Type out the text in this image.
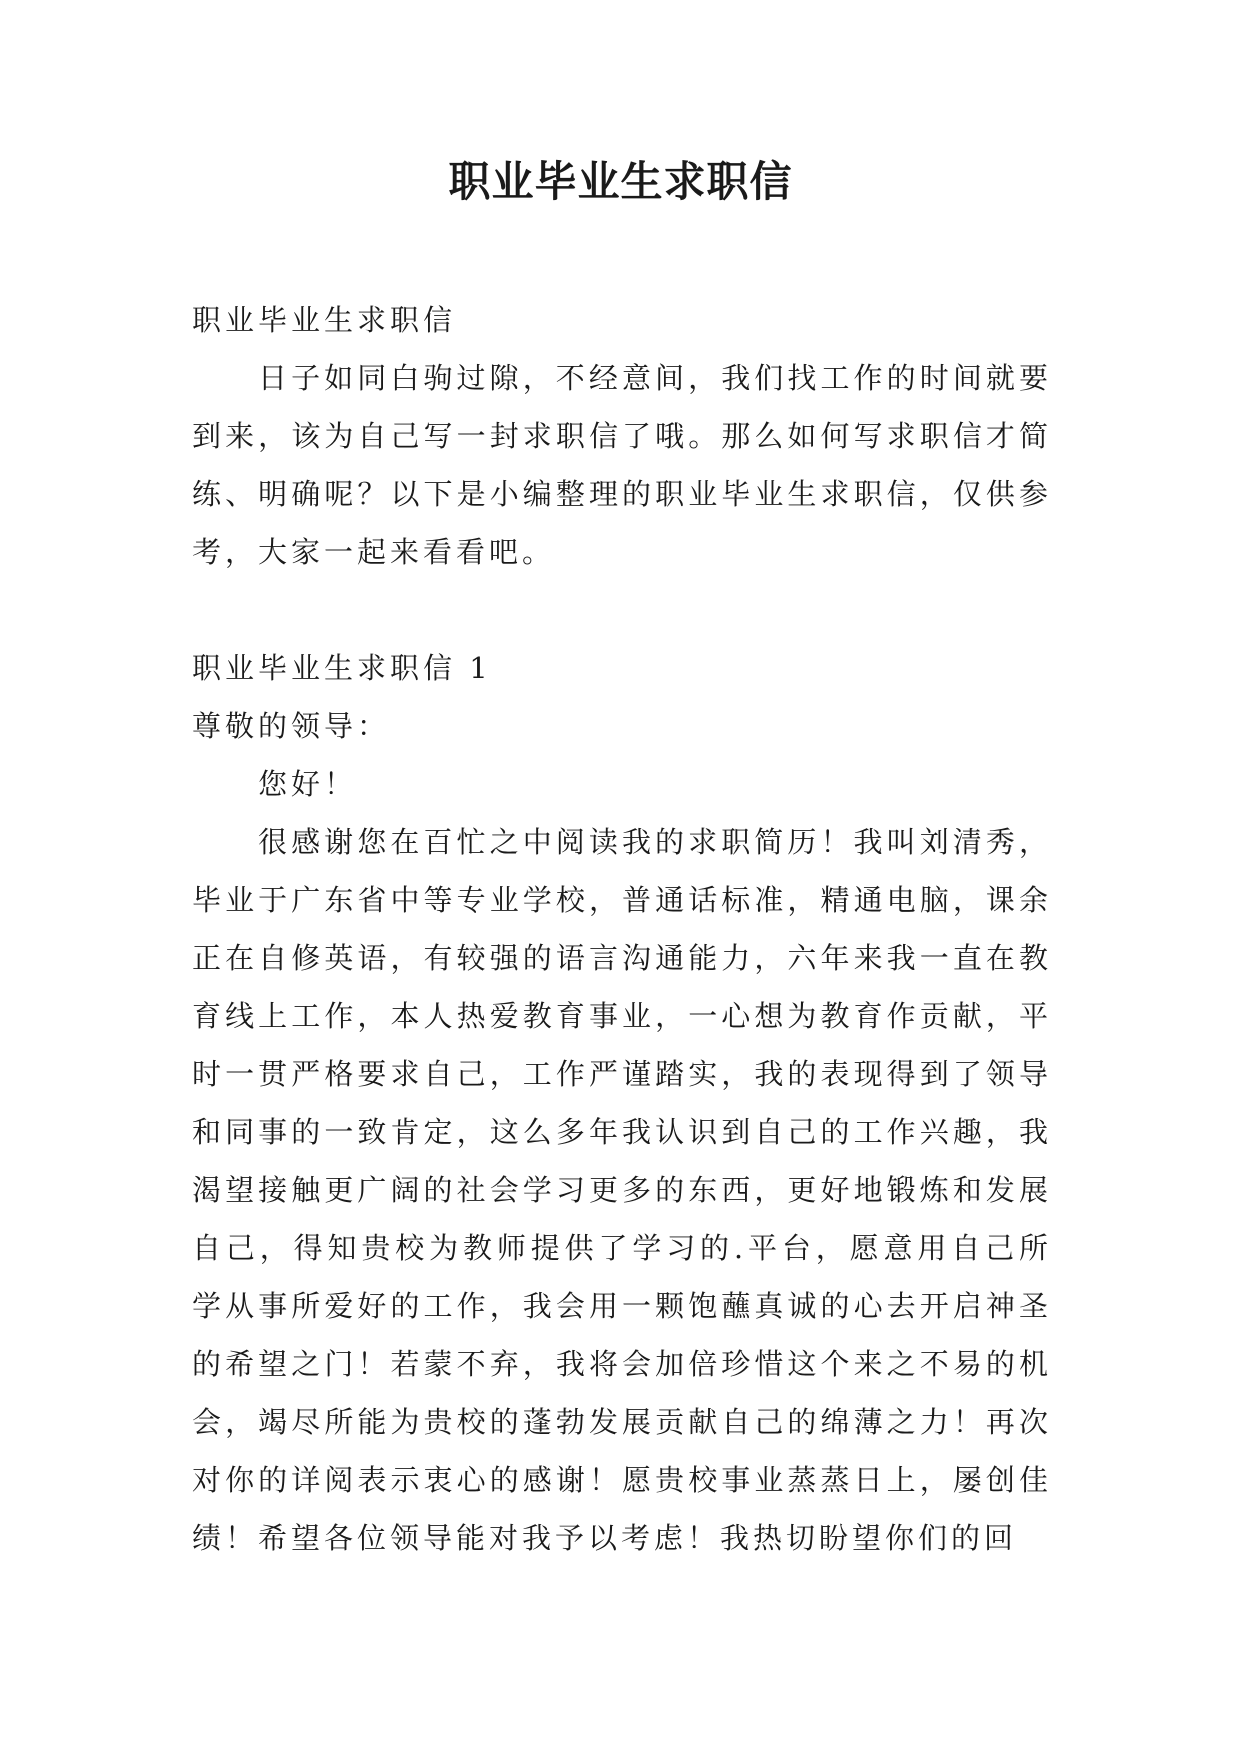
职业毕业生求职信

职业毕业生求职信

日子如同白驹过隙，不经意间，我们找工作的时间就要到来，该为自己写一封求职信了哦。那么如何写求职信才简练、明确呢？以下是小编整理的职业毕业生求职信，仅供参考，大家一起来看看吧。

职业毕业生求职信 1

尊敬的领导：

您好！

很感谢您在百忙之中阅读我的求职简历！我叫刘清秀，毕业于广东省中等专业学校，普通话标准，精通电脑，课余正在自修英语，有较强的语言沟通能力，六年来我一直在教育线上工作，本人热爱教育事业，一心想为教育作贡献，平时一贯严格要求自己，工作严谨踏实，我的表现得到了领导和同事的一致肯定，这么多年我认识到自己的工作兴趣，我渴望接触更广阔的社会学习更多的东西，更好地锻炼和发展自己，得知贵校为教师提供了学习的.平台，愿意用自己所学从事所爱好的工作，我会用一颗饱蘸真诚的心去开启神圣的希望之门！若蒙不弃，我将会加倍珍惜这个来之不易的机会，竭尽所能为贵校的蓬勃发展贡献自己的绵薄之力！再次对你的详阅表示衷心的感谢！愿贵校事业蒸蒸日上，屡创佳绩！希望各位领导能对我予以考虑！我热切盼望你们的回
